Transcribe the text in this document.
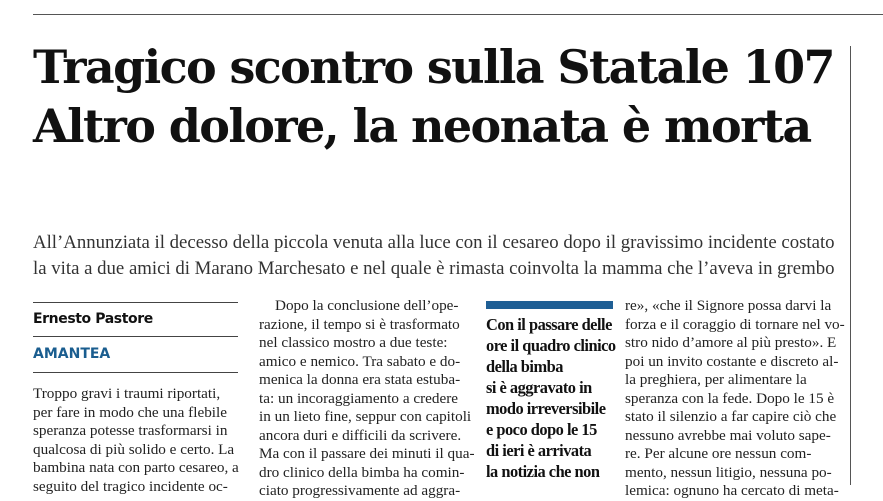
Tragico scontro sulla Statale 107
Altro dolore, la neonata è morta

All’Annunziata il decesso della piccola venuta alla luce con il cesareo dopo il gravissimo incidente costato
la vita a due amici di Marano Marchesato e nel quale è rimasta coinvolta la mamma che l’aveva in grembo

Ernesto Pastore
AMANTEA
Troppo gravi i traumi riportati,
per fare in modo che una flebile
speranza potesse trasformarsi in
qualcosa di più solido e certo. La
bambina nata con parto cesareo, a
seguito del tragico incidente oc-
Dopo la conclusione dell’ope-
razione, il tempo si è trasformato
nel classico mostro a due teste:
amico e nemico. Tra sabato e do-
menica la donna era stata estuba-
ta: un incoraggiamento a credere
in un lieto fine, seppur con capitoli
ancora duri e difficili da scrivere.
Ma con il passare dei minuti il qua-
dro clinico della bimba ha comin-
ciato progressivamente ad aggra-
Con il passare delle
ore il quadro clinico
della bimba
si è aggravato in
modo irreversibile
e poco dopo le 15
di ieri è arrivata
la notizia che non
re», «che il Signore possa darvi la
forza e il coraggio di tornare nel vo-
stro nido d’amore al più presto». E
poi un invito costante e discreto al-
la preghiera, per alimentare la
speranza con la fede. Dopo le 15 è
stato il silenzio a far capire ciò che
nessuno avrebbe mai voluto sape-
re. Per alcune ore nessun com-
mento, nessun litigio, nessuna po-
lemica: ognuno ha cercato di meta-
